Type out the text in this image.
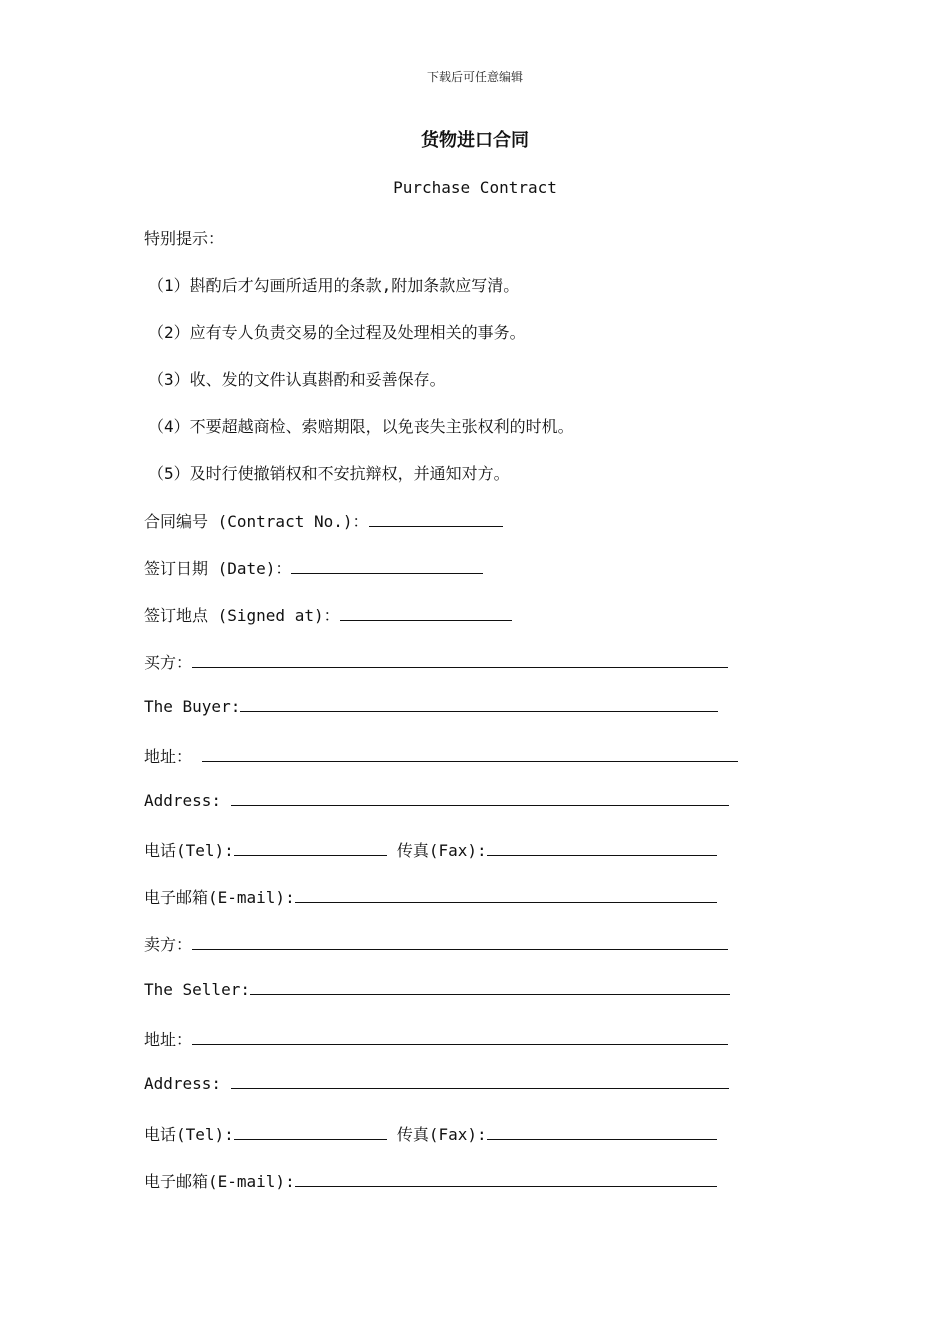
下载后可任意编辑
货物进口合同
Purchase Contract
特别提示：
（1）斟酌后才勾画所适用的条款,附加条款应写清。
（2）应有专人负责交易的全过程及处理相关的事务。
（3）收、发的文件认真斟酌和妥善保存。
（4）不要超越商检、索赔期限，以免丧失主张权利的时机。
（5）及时行使撤销权和不安抗辩权，并通知对方。
合同编号 (Contract No.)：
签订日期 (Date)：
签订地点 (Signed at)：
买方：
The Buyer:
地址：
Address:
电话(Tel):	传真(Fax):
电子邮箱(E-mail):
卖方：
The Seller:
地址：
Address:
电话(Tel):	传真(Fax):
电子邮箱(E-mail):
